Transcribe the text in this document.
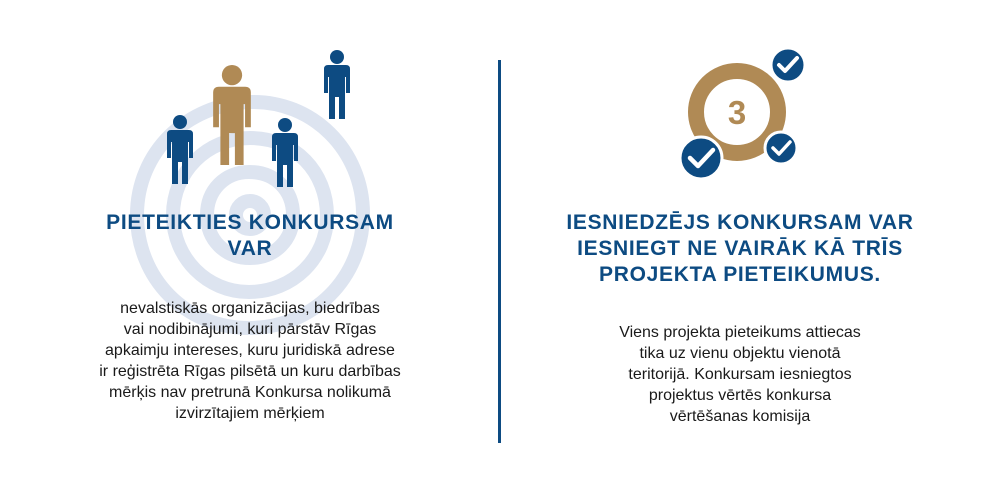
PIETEIKTIES KONKURSAM
VAR

nevalstiskās organizācijas, biedrības
vai nodibinājumi, kuri pārstāv Rīgas
apkaimju intereses, kuru juridiskā adrese
ir reģistrēta Rīgas pilsētā un kuru darbības
mērķis nav pretrunā Konkursa nolikumā
izvirzītajiem mērķiem

3
IESNIEDZĒJS KONKURSAM VAR
IESNIEGT NE VAIRĀK KĀ TRĪS
PROJEKTA PIETEIKUMUS.

Viens projekta pieteikums attiecas
tika uz vienu objektu vienotā
teritorijā. Konkursam iesniegtos
projektus vērtēs konkursa
vērtēšanas komisija
